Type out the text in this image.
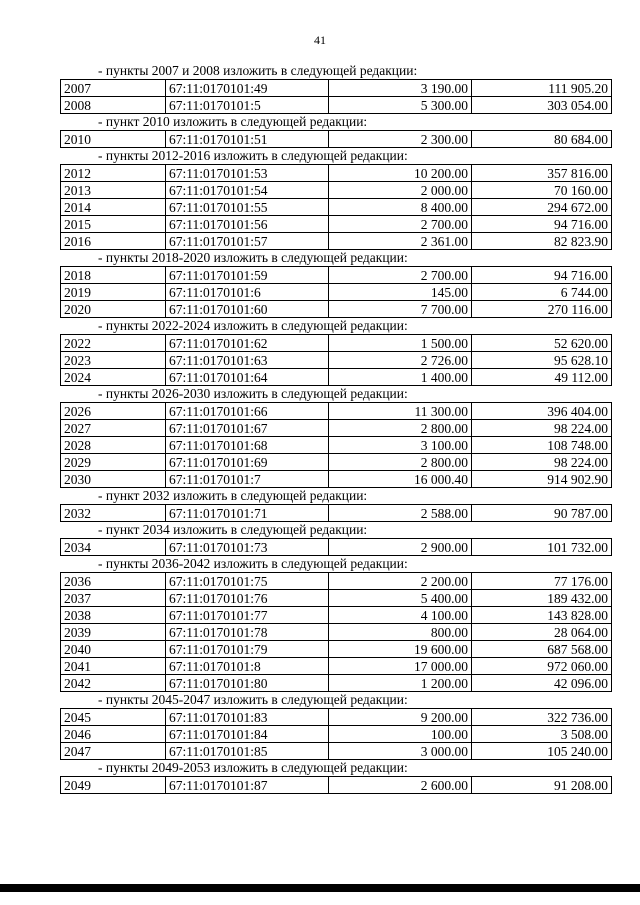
41
- пункты 2007 и 2008 изложить в следующей редакции:
2007	67:11:0170101:49	3 190.00	111 905.20
2008	67:11:0170101:5	5 300.00	303 054.00
- пункт 2010 изложить в следующей редакции:
2010	67:11:0170101:51	2 300.00	80 684.00
- пункты 2012-2016 изложить в следующей редакции:
2012	67:11:0170101:53	10 200.00	357 816.00
2013	67:11:0170101:54	2 000.00	70 160.00
2014	67:11:0170101:55	8 400.00	294 672.00
2015	67:11:0170101:56	2 700.00	94 716.00
2016	67:11:0170101:57	2 361.00	82 823.90
- пункты 2018-2020 изложить в следующей редакции:
2018	67:11:0170101:59	2 700.00	94 716.00
2019	67:11:0170101:6	145.00	6 744.00
2020	67:11:0170101:60	7 700.00	270 116.00
- пункты 2022-2024 изложить в следующей редакции:
2022	67:11:0170101:62	1 500.00	52 620.00
2023	67:11:0170101:63	2 726.00	95 628.10
2024	67:11:0170101:64	1 400.00	49 112.00
- пункты 2026-2030 изложить в следующей редакции:
2026	67:11:0170101:66	11 300.00	396 404.00
2027	67:11:0170101:67	2 800.00	98 224.00
2028	67:11:0170101:68	3 100.00	108 748.00
2029	67:11:0170101:69	2 800.00	98 224.00
2030	67:11:0170101:7	16 000.40	914 902.90
- пункт 2032 изложить в следующей редакции:
2032	67:11:0170101:71	2 588.00	90 787.00
- пункт 2034 изложить в следующей редакции:
2034	67:11:0170101:73	2 900.00	101 732.00
- пункты 2036-2042 изложить в следующей редакции:
2036	67:11:0170101:75	2 200.00	77 176.00
2037	67:11:0170101:76	5 400.00	189 432.00
2038	67:11:0170101:77	4 100.00	143 828.00
2039	67:11:0170101:78	800.00	28 064.00
2040	67:11:0170101:79	19 600.00	687 568.00
2041	67:11:0170101:8	17 000.00	972 060.00
2042	67:11:0170101:80	1 200.00	42 096.00
- пункты 2045-2047 изложить в следующей редакции:
2045	67:11:0170101:83	9 200.00	322 736.00
2046	67:11:0170101:84	100.00	3 508.00
2047	67:11:0170101:85	3 000.00	105 240.00
- пункты 2049-2053 изложить в следующей редакции:
2049	67:11:0170101:87	2 600.00	91 208.00
